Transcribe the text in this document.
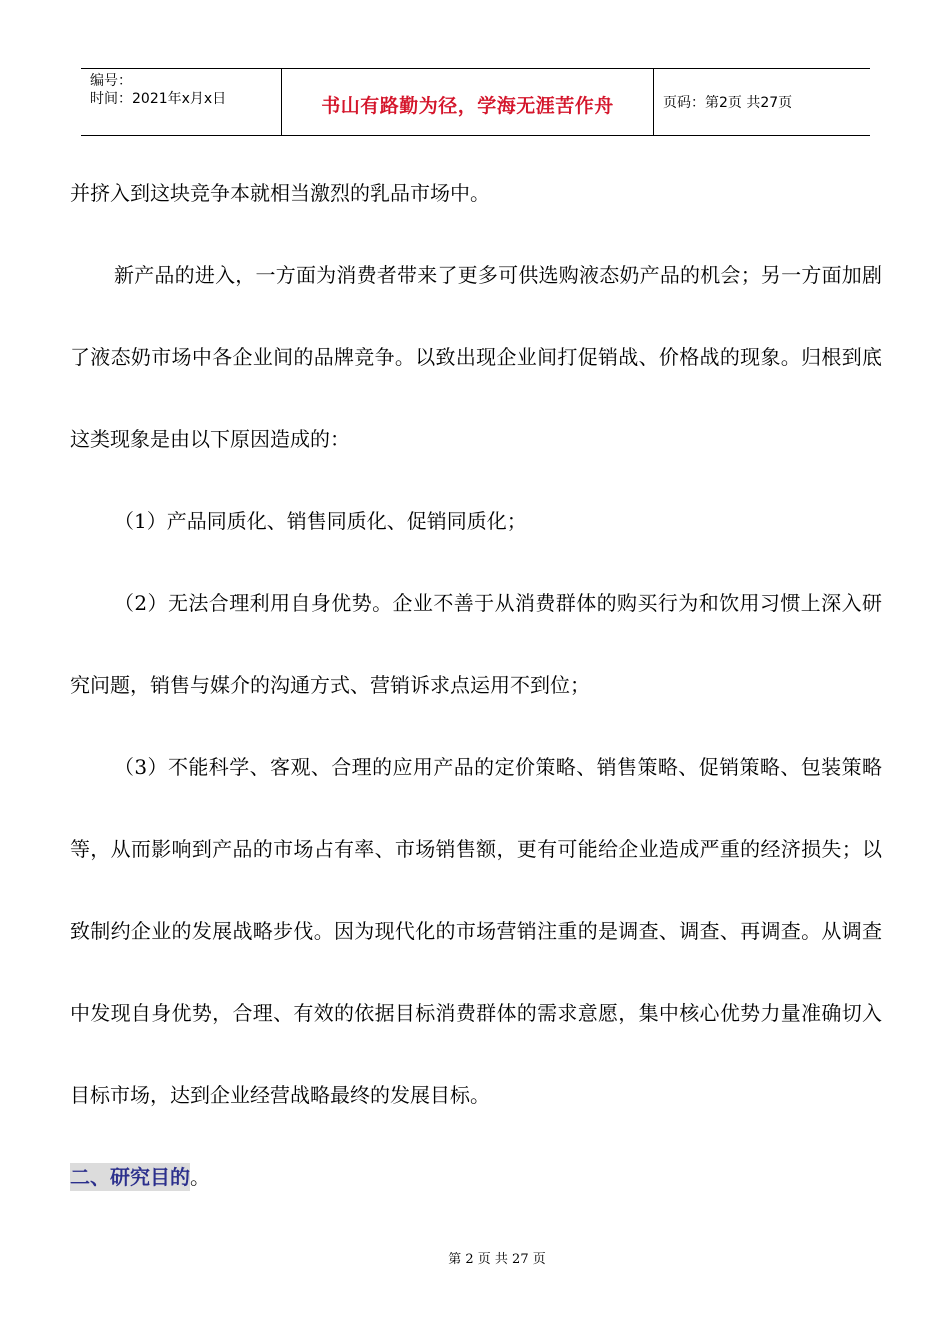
编号：
时间：2021年x月x日	书山有路勤为径，学海无涯苦作舟	页码：第2页 共27页

并挤入到这块竞争本就相当激烈的乳品市场中。

新产品的进入，一方面为消费者带来了更多可供选购液态奶产品的机会；另一方面加剧了液态奶市场中各企业间的品牌竞争。以致出现企业间打促销战、价格战的现象。归根到底这类现象是由以下原因造成的：

（1）产品同质化、销售同质化、促销同质化；

（2）无法合理利用自身优势。企业不善于从消费群体的购买行为和饮用习惯上深入研究问题，销售与媒介的沟通方式、营销诉求点运用不到位；

（3）不能科学、客观、合理的应用产品的定价策略、销售策略、促销策略、包装策略等，从而影响到产品的市场占有率、市场销售额，更有可能给企业造成严重的经济损失；以致制约企业的发展战略步伐。因为现代化的市场营销注重的是调查、调查、再调查。从调查中发现自身优势，合理、有效的依据目标消费群体的需求意愿，集中核心优势力量准确切入目标市场，达到企业经营战略最终的发展目标。

二、研究目的。

第 2 页 共 27 页
